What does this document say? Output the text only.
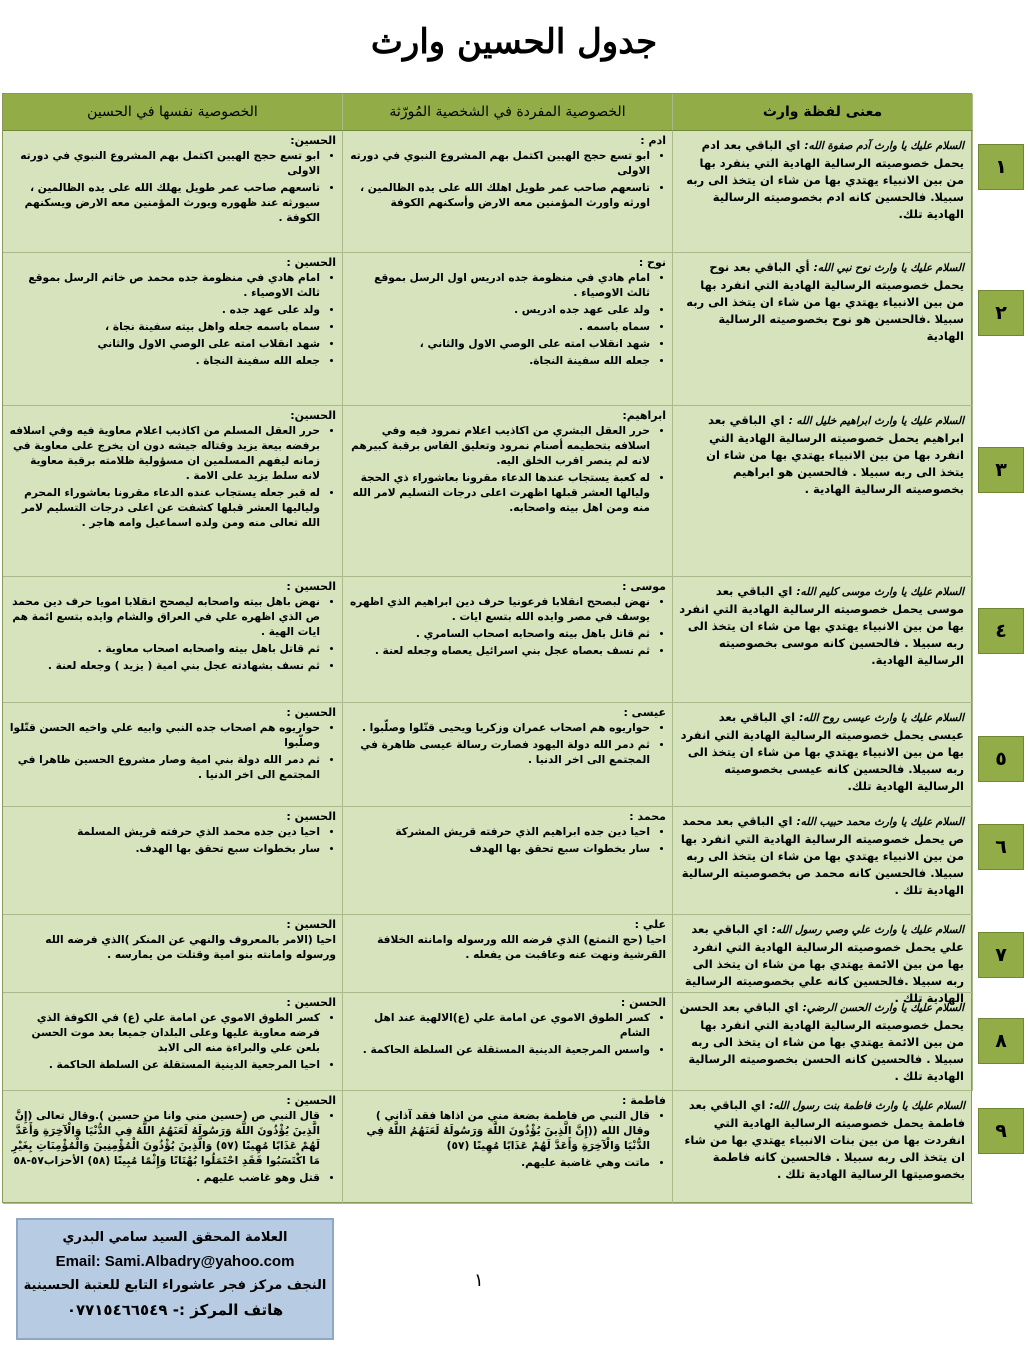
جدول الحسين وارث
الخصوصية نفسها في الحسين	الخصوصية المفردة في الشخصية المُورّثة	معنى لفظة وارث
الحسين:
• ابو تسع حجج الهيين اكتمل بهم المشروع النبوي في دورته الاولى
• تاسعهم صاحب عمر طويل يهلك الله على يده الظالمين ، سيورثه عند ظهوره ويورث المؤمنين معه الارض ويسكنهم الكوفة .
ادم :
• ابو تسع حجج الهيين اكتمل بهم المشروع النبوي في دورته الاولى
• تاسعهم صاحب عمر طويل اهلك الله على يده الظالمين ، اورثه واورث المؤمنين معه الارض وأسكنهم الكوفة
السلام عليك يا وارث آدم صفوة الله: اي الباقي بعد ادم يحمل خصوصيته الرسالية الهادية التي ينفرد بها من بين الانبياء يهتدي بها من شاء ان يتخذ الى ربه سبيلا. فالحسين كانه ادم بخصوصيته الرسالية الهادية تلك.
الحسين :
• امام هادي في منظومة جده محمد ص خاتم الرسل بموقع ثالث الاوصياء .
• ولد على عهد جده .
• سماه باسمه جعله واهل بيته سفينة نجاة ،
• شهد انقلاب امته على الوصي الاول والثاني
• جعله الله سفينة النجاة .
نوح :
• امام هادي في منظومة جده ادريس اول الرسل بموقع ثالث الاوصياء .
• ولد على عهد جده ادريس .
• سماه باسمه .
• شهد انقلاب امته على الوصي الاول والثاني ،
• جعله الله سفينة النجاة.
السلام عليك يا وارث نوح نبي الله: أي الباقي بعد نوح يحمل خصوصيته الرسالية الهادية التي انفرد بها من بين الانبياء يهتدي بها من شاء ان يتخذ الى ربه سبيلا .فالحسين هو نوح بخصوصيته الرسالية الهادية
الحسين:
• حرر العقل المسلم من اكاذيب اعلام معاوية فيه وفي اسلافه برفضه بيعة يزيد وقتاله جيشه دون ان يخرج على معاوية في زمانه ليفهم المسلمين ان مسؤولية ظلامته برقبة معاوية لانه سلط يزيد على الامة .
• له قبر جعله يستجاب عنده الدعاء مقرونا بعاشوراء المحرم ولياليها العشر قبلها كشفت عن اعلى درجات التسليم لامر الله تعالى منه ومن ولده اسماعيل وامه هاجر .
ابراهيم:
• حرر العقل البشري من اكاذيب اعلام نمرود فيه وفي اسلافه بتحطيمه أصنام نمرود وتعليق الفاس برقبة كبيرهم لانه لم ينصر اقرب الخلق اليه.
• له كعبة يستجاب عندها الدعاء مقرونا بعاشوراء ذي الحجة وليالها العشر قبلها اظهرت اعلى درجات التسليم لامر الله منه ومن اهل بيته واصحابه.
السلام عليك يا وارث ابراهيم خليل الله : اي الباقي بعد ابراهيم يحمل خصوصيته الرسالية الهادية التي انفرد بها من بين الانبياء يهتدي بها من شاء ان يتخذ الى ربه سبيلا . فالحسين هو ابراهيم بخصوصيته الرسالية الهادية .
الحسين :
• نهض باهل بيته واصحابه ليصحح انقلابا امويا حرف دين محمد ص الذي اظهره علي في العراق والشام وايده بتسع ائمة هم ايات الهية .
• ثم قاتل باهل بيته واصحابه اصحاب معاوية .
• ثم نسف بشهادته عجل بني امية ( يزيد ) وجعله لعنة .
موسى :
• نهض لبصحح انقلابا فرعونيا حرف دين ابراهيم الذي اظهره يوسف في مصر وايده الله بتسع ايات .
• ثم قاتل باهل بيته واصحابه اصحاب السامري .
• ثم نسف بعصاه عجل بني اسرائيل يعصاه وجعله لعنة .
السلام عليك يا وارث موسى كليم الله: اي الباقي بعد موسى يحمل خصوصيته الرسالية الهادية التي انفرد بها من بين الانبياء يهتدي بها من شاء ان يتخذ الى ربه سبيلا . فالحسين كانه موسى بخصوصيته الرسالية الهادية.
الحسين :
• حواريوه هم اصحاب جده النبي وابيه علي واخيه الحسن قتّلوا وصلّبوا
• ثم دمر الله دولة بني امية وصار مشروع الحسين ظاهرا في المجتمع الى اخر الدنيا .
عيسى :
• حواريوه هم اصحاب عمران وزكريا ويحيى قتّلوا وصلّبوا .
• ثم دمر الله دولة اليهود فصارت رسالة عيسى ظاهرة في المجتمع الى اخر الدنيا .
السلام عليك يا وارث عيسى روح الله: اي الباقي بعد عيسى يحمل خصوصيته الرسالية الهادية التي انفرد بها من بين الانبياء يهتدي بها من شاء ان يتخذ الى ربه سبيلا. فالحسين كانه عيسى بخصوصيته الرسالية الهادية تلك.
الحسين :
• احيا دين جده محمد الذي حرفته قريش المسلمة
• سار بخطوات سبع تحقق بها الهدف.
محمد :
• احيا دين جده ابراهيم الذي حرفته قريش المشركة
• سار بخطوات سبع تحقق بها الهدف
السلام عليك يا وارث محمد حبيب الله: اي الباقي بعد محمد ص يحمل خصوصيته الرسالية الهادية التي انفرد بها من بين الانبياء يهتدي بها من شاء ان يتخذ الى ربه سبيلا. فالحسين كانه محمد ص بخصوصيته الرسالية الهادية تلك .
الحسين :
احيا (الامر بالمعروف والنهي عن المنكر )الذي فرضه الله ورسوله وامانته بنو امية وقتلت من يمارسه .
علي :
احيا (حج التمتع) الذي فرضه الله ورسوله وامانته الخلافة القرشية ونهت عنه وعاقبت من يفعله .
السلام عليك يا وارث علي وصي رسول الله: اي الباقي بعد علي يحمل خصوصيته الرسالية الهادية التي انفرد بها من بين الائمة يهتدي بها من شاء ان يتخذ الى ربه سبيلا .فالحسين كانه علي بخصوصيته الرسالية الهادية تلك .
الحسين :
• كسر الطوق الاموي عن امامة علي (ع) في الكوفة الذي فرضه معاوية عليها وعلى البلدان جميعا بعد موت الحسن بلعن علي والبراءة منه الى الابد
• احيا المرجعية الدينية المستقلة عن السلطة الحاكمة .
الحسن :
• كسر الطوق الاموي عن امامة علي (ع)الالهية عند اهل الشام
• واسس المرجعية الدينية المستقلة عن السلطة الحاكمة .
السلام عليك يا وارث الحسن الرضي: اي الباقي بعد الحسن يحمل خصوصيته الرسالية الهادية التي انفرد بها من بين الائمة يهتدي بها من شاء ان يتخذ الى ربه سبيلا . فالحسين كانه الحسن بخصوصيته الرسالية الهادية تلك .
الحسين :
• قال النبي ص (حسين مني وانا من حسين ).وقال تعالى (إِنَّ الَّذِينَ يُؤْذُونَ اللَّهَ وَرَسُولَهُ لَعَنَهُمُ اللَّهُ فِي الدُّنْيَا وَالْآخِرَةِ وَأَعَدَّ لَهُمْ عَذَابًا مُهِينًا (٥٧) وَالَّذِينَ يُؤْذُونَ الْمُؤْمِنِينَ وَالْمُؤْمِنَاتِ بِغَيْرِ مَا اكْتَسَبُوا فَقَدِ احْتَمَلُوا بُهْتَانًا وَإِثْمًا مُبِينًا (٥٨) الأحزاب٥٧-٥٨
• قتل وهو غاضب عليهم .
فاطمة :
• قال النبي ص فاطمة بضعة مني من اذاها فقد آذاني ) وقال الله ((إِنَّ الَّذِينَ يُؤْذُونَ اللَّهَ وَرَسُولَهُ لَعَنَهُمُ اللَّهُ فِي الدُّنْيَا وَالْآخِرَةِ وَأَعَدَّ لَهُمْ عَذَابًا مُهِينًا (٥٧)
• ماتت وهي غاضبة عليهم.
السلام عليك يا وارث فاطمة بنت رسول الله: اي الباقي بعد فاطمة يحمل خصوصيته الرسالية الهادية التي انفردت بها من بين بنات الانبياء يهتدي بها من شاء ان يتخذ الى ربه سبيلا . فالحسين كانه فاطمة بخصوصيتها الرسالية الهادية تلك .
١
٢
٣
٤
٥
٦
٧
٨
٩
العلامة المحقق السيد سامي البدري
Email: Sami.Albadry@yahoo.com
النجف مركز فجر عاشوراء التابع للعتبة الحسينية
هاتف المركز :- ٠٧٧١٥٤٦٦٥٤٩
١
